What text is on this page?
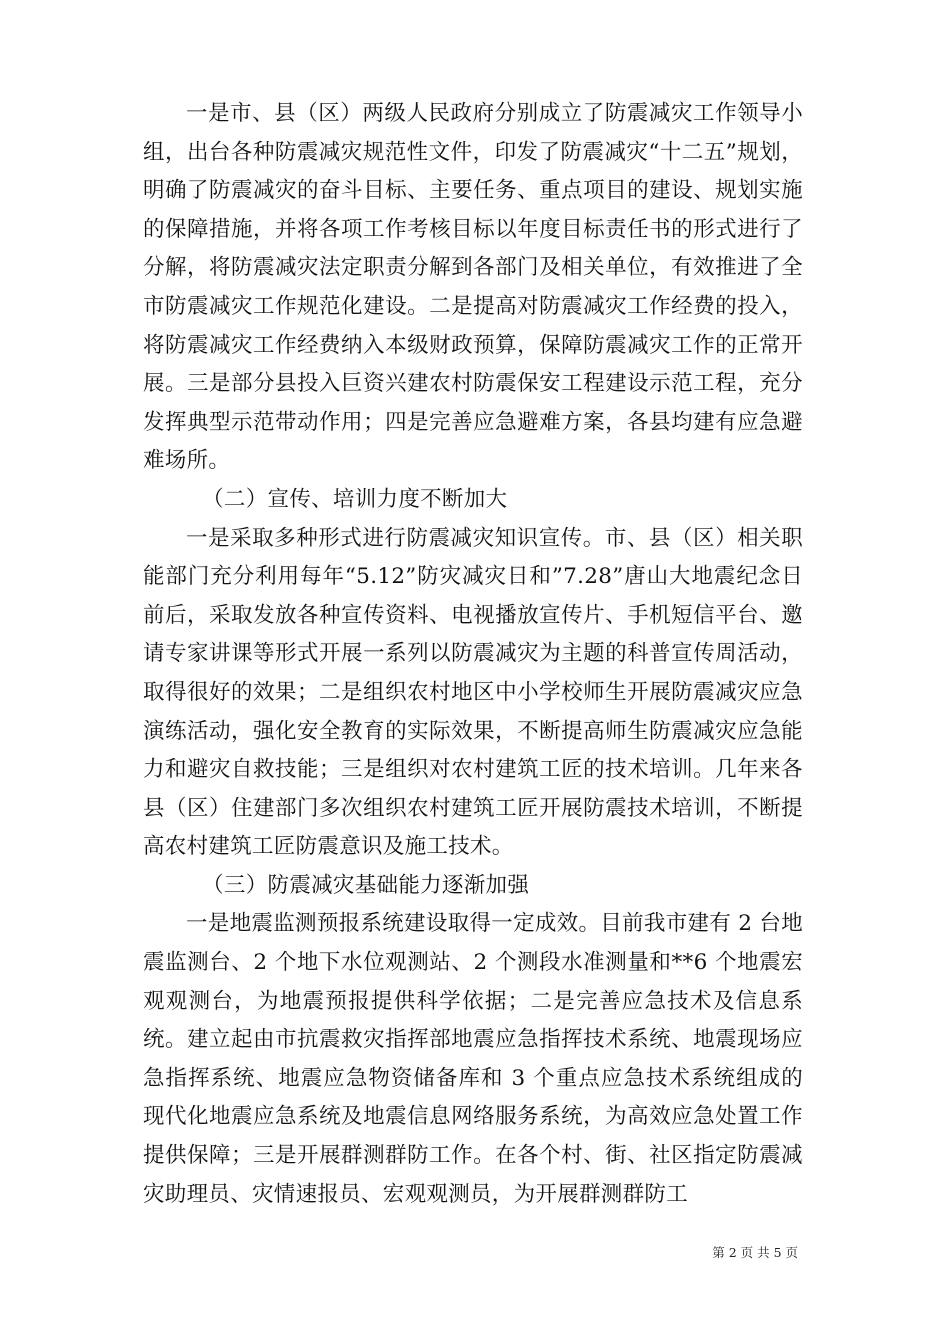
一是市、县（区）两级人民政府分别成立了防震减灾工作领导小组，出台各种防震减灾规范性文件，印发了防震减灾“十二五”规划，明确了防震减灾的奋斗目标、主要任务、重点项目的建设、规划实施的保障措施，并将各项工作考核目标以年度目标责任书的形式进行了分解，将防震减灾法定职责分解到各部门及相关单位，有效推进了全市防震减灾工作规范化建设。二是提高对防震减灾工作经费的投入，将防震减灾工作经费纳入本级财政预算，保障防震减灾工作的正常开展。三是部分县投入巨资兴建农村防震保安工程建设示范工程，充分发挥典型示范带动作用；四是完善应急避难方案，各县均建有应急避难场所。

（二）宣传、培训力度不断加大

一是采取多种形式进行防震减灾知识宣传。市、县（区）相关职能部门充分利用每年“5.12”防灾减灾日和”7.28”唐山大地震纪念日前后，采取发放各种宣传资料、电视播放宣传片、手机短信平台、邀请专家讲课等形式开展一系列以防震减灾为主题的科普宣传周活动，取得很好的效果；二是组织农村地区中小学校师生开展防震减灾应急演练活动，强化安全教育的实际效果，不断提高师生防震减灾应急能力和避灾自救技能；三是组织对农村建筑工匠的技术培训。几年来各县（区）住建部门多次组织农村建筑工匠开展防震技术培训，不断提高农村建筑工匠防震意识及施工技术。

（三）防震减灾基础能力逐渐加强

一是地震监测预报系统建设取得一定成效。目前我市建有 2 台地震监测台、2 个地下水位观测站、2 个测段水准测量和**6 个地震宏观观测台，为地震预报提供科学依据；二是完善应急技术及信息系统。建立起由市抗震救灾指挥部地震应急指挥技术系统、地震现场应急指挥系统、地震应急物资储备库和 3 个重点应急技术系统组成的现代化地震应急系统及地震信息网络服务系统，为高效应急处置工作提供保障；三是开展群测群防工作。在各个村、街、社区指定防震减灾助理员、灾情速报员、宏观观测员，为开展群测群防工

第 2 页 共 5 页
